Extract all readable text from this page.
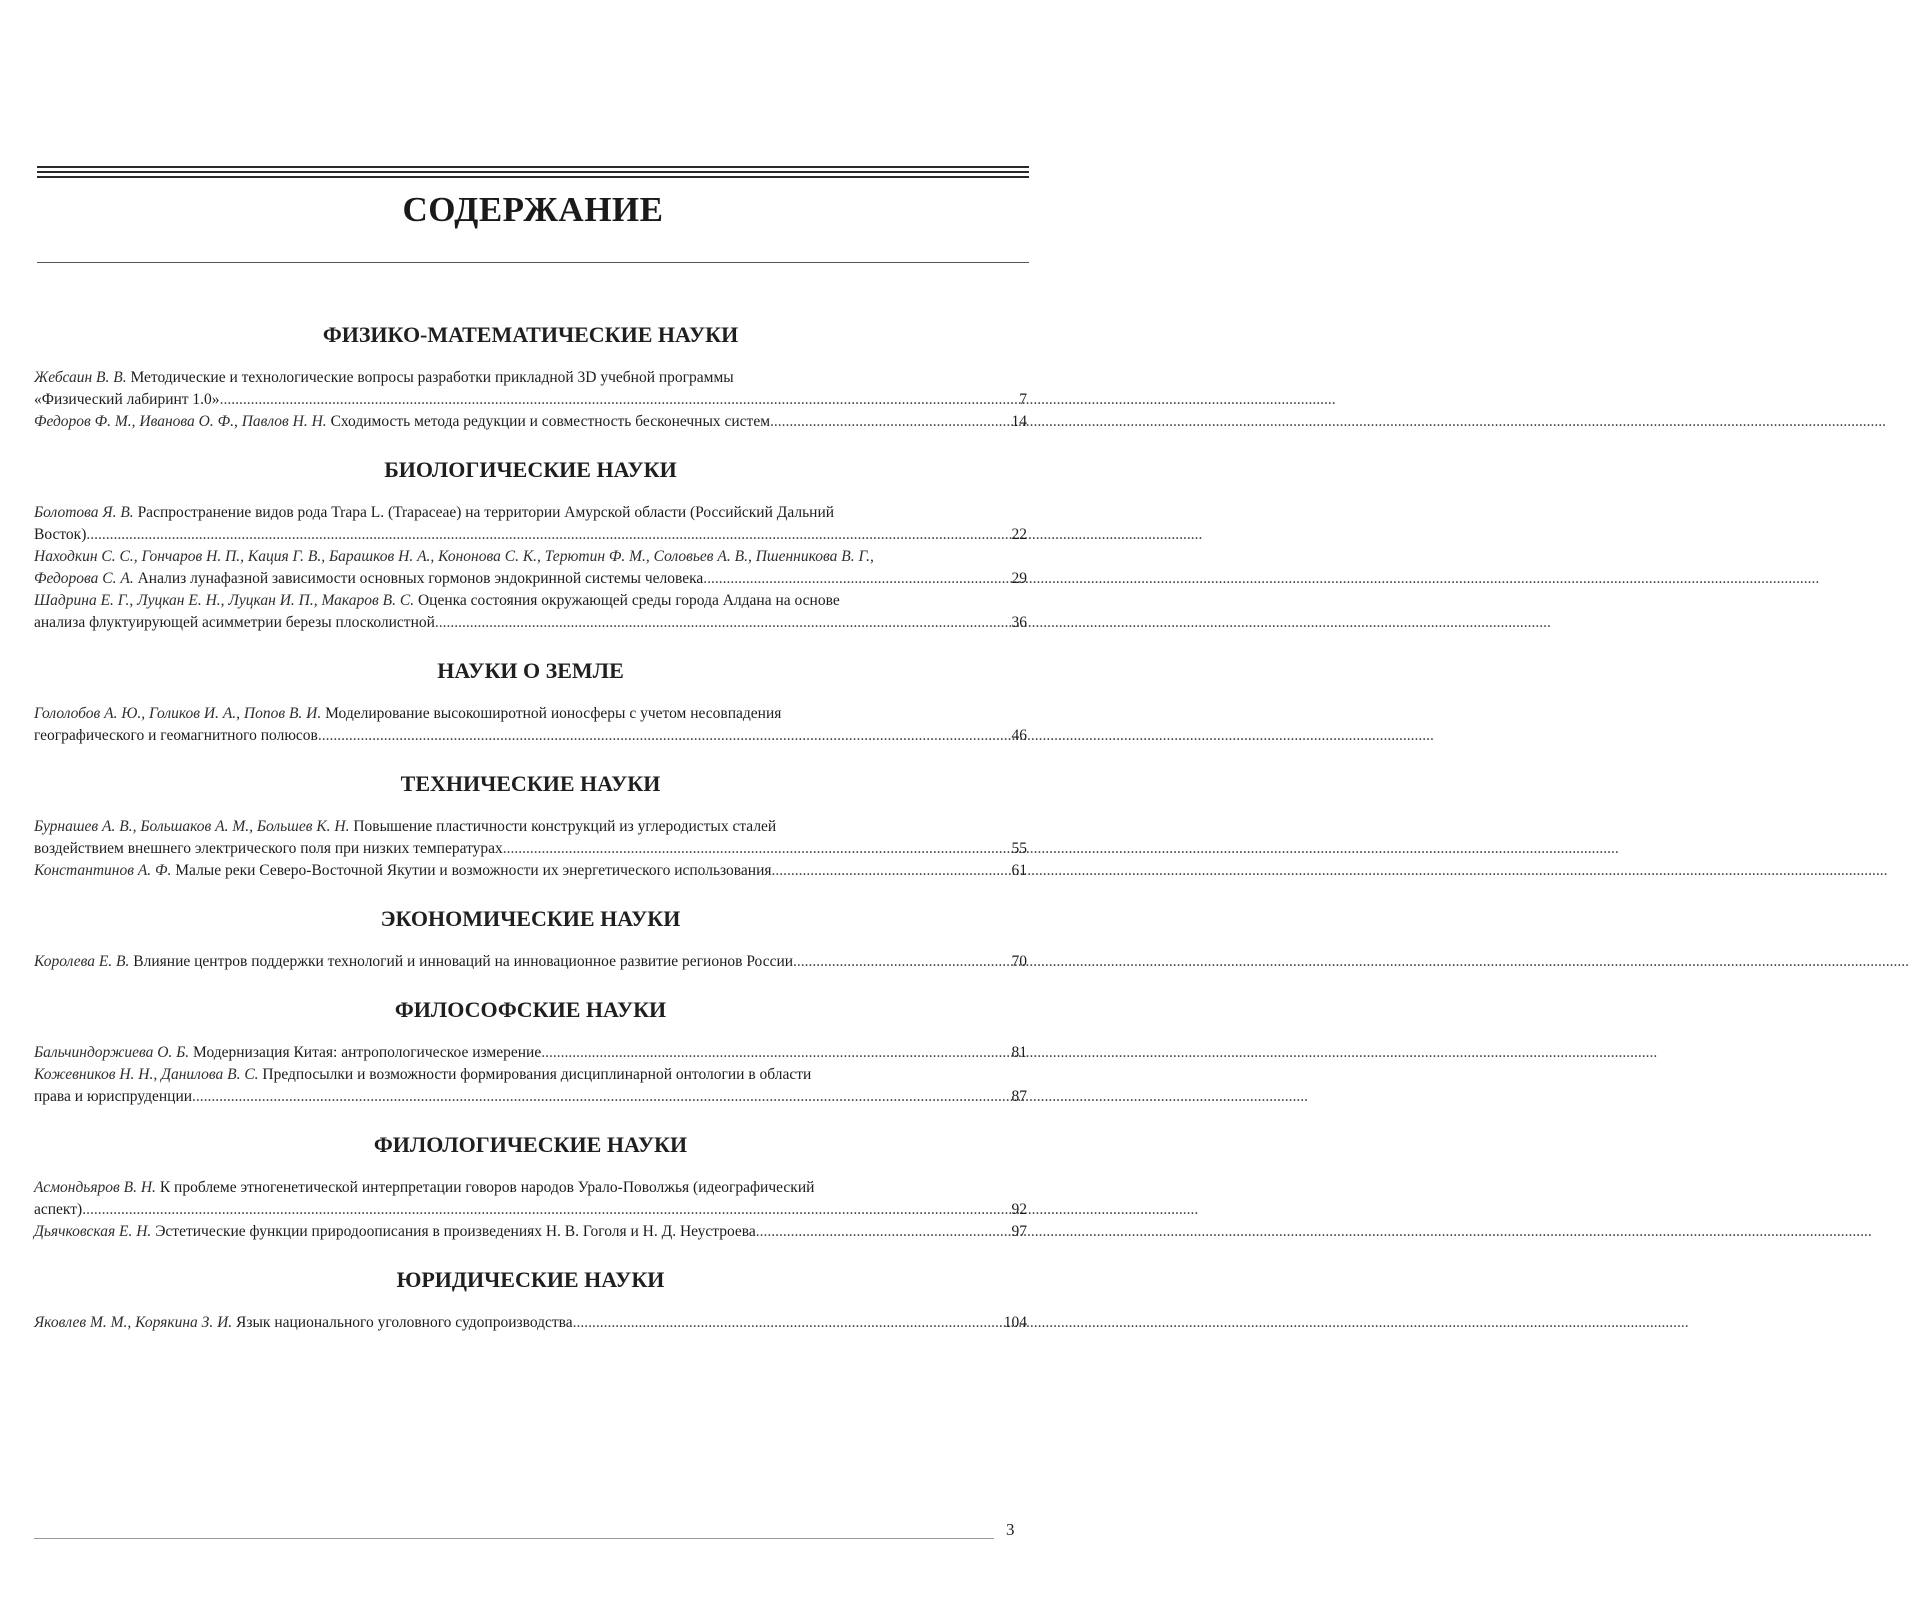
СОДЕРЖАНИЕ
ФИЗИКО-МАТЕМАТИЧЕСКИЕ НАУКИ
Жебсаин В. В. Методические и технологические вопросы разработки прикладной 3D учебной программы
«Физический лабиринт 1.0» .....	7
Федоров Ф. М., Иванова О. Ф., Павлов Н. Н. Сходимость метода редукции и совместность бесконечных систем .....	14
БИОЛОГИЧЕСКИЕ НАУКИ
Болотова Я. В. Распространение видов рода Trapa L. (Trapaceae) на территории Амурской области (Российский Дальний
Восток) .....	22
Находкин С. С., Гончаров Н. П., Кация Г. В., Барашков Н. А., Кононова С. К., Терютин Ф. М., Соловьев А. В., Пшенникова В. Г.,
Федорова С. А. Анализ лунафазной зависимости основных гормонов эндокринной системы человека .....	29
Шадрина Е. Г., Луцкан Е. Н., Луцкан И. П., Макаров В. С. Оценка состояния окружающей среды города Алдана на основе
анализа флуктуирующей асимметрии березы плосколистной .....	36
НАУКИ О ЗЕМЛЕ
Гололобов А. Ю., Голиков И. А., Попов В. И. Моделирование высокоширотной ионосферы с учетом несовпадения
географического и геомагнитного полюсов .....	46
ТЕХНИЧЕСКИЕ НАУКИ
Бурнашев А. В., Большаков А. М., Большев К. Н. Повышение пластичности конструкций из углеродистых сталей
воздействием внешнего электрического поля при низких температурах .....	55
Константинов А. Ф. Малые реки Северо-Восточной Якутии и возможности их энергетического использования .....	61
ЭКОНОМИЧЕСКИЕ НАУКИ
Королева Е. В. Влияние центров поддержки технологий и инноваций на инновационное развитие регионов России .....	70
ФИЛОСОФСКИЕ НАУКИ
Бальчиндоржиева О. Б. Модернизация Китая: антропологическое измерение .....	81
Кожевников Н. Н., Данилова В. С. Предпосылки и возможности формирования дисциплинарной онтологии в области
права и юриспруденции .....	87
ФИЛОЛОГИЧЕСКИЕ НАУКИ
Асмондьяров В. Н. К проблеме этногенетической интерпретации говоров народов Урало-Поволжья (идеографический
аспект) .....	92
Дьячковская Е. Н. Эстетические функции природоописания в произведениях Н. В. Гоголя и Н. Д. Неустроева .....	97
ЮРИДИЧЕСКИЕ НАУКИ
Яковлев М. М., Корякина З. И. Язык национального уголовного судопроизводства .....	104
3
